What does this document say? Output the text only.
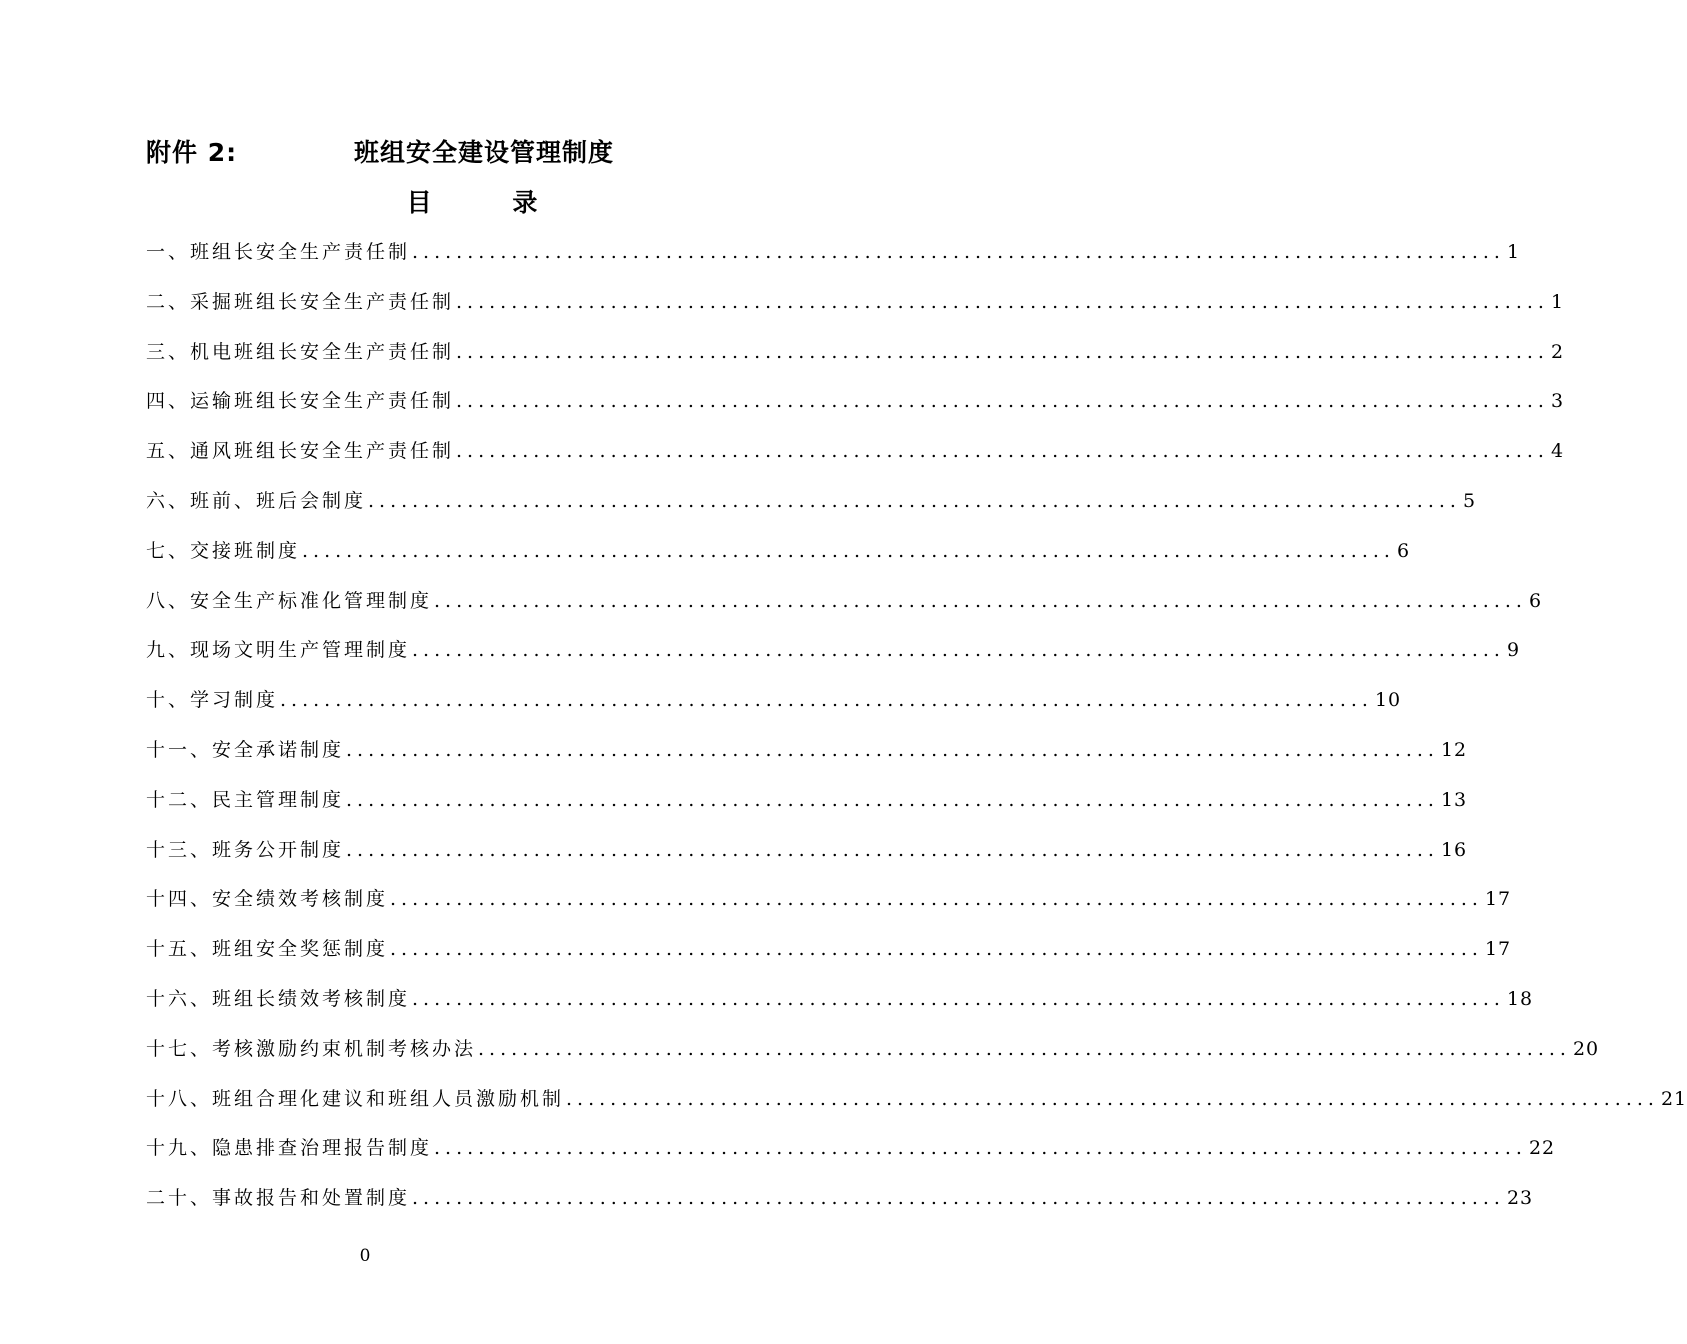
附件 2:	班组安全建设管理制度
目 录
一、班组长安全生产责任制 ................................................................................................... 1
二、采掘班组长安全生产责任制 ................................................................................................... 1
三、机电班组长安全生产责任制 ................................................................................................... 2
四、运输班组长安全生产责任制 ................................................................................................... 3
五、通风班组长安全生产责任制 ................................................................................................... 4
六、班前、班后会制度 ................................................................................................... 5
七、交接班制度 ................................................................................................... 6
八、安全生产标准化管理制度 ................................................................................................... 6
九、现场文明生产管理制度 ................................................................................................... 9
十、学习制度 ................................................................................................... 10
十一、安全承诺制度 ................................................................................................... 12
十二、民主管理制度 ................................................................................................... 13
十三、班务公开制度 ................................................................................................... 16
十四、安全绩效考核制度 ................................................................................................... 17
十五、班组安全奖惩制度 ................................................................................................... 17
十六、班组长绩效考核制度 ................................................................................................... 18
十七、考核激励约束机制考核办法 ................................................................................................... 20
十八、班组合理化建议和班组人员激励机制 ................................................................................................... 21
十九、隐患排查治理报告制度 ................................................................................................... 22
二十、事故报告和处置制度 ................................................................................................... 23
0
